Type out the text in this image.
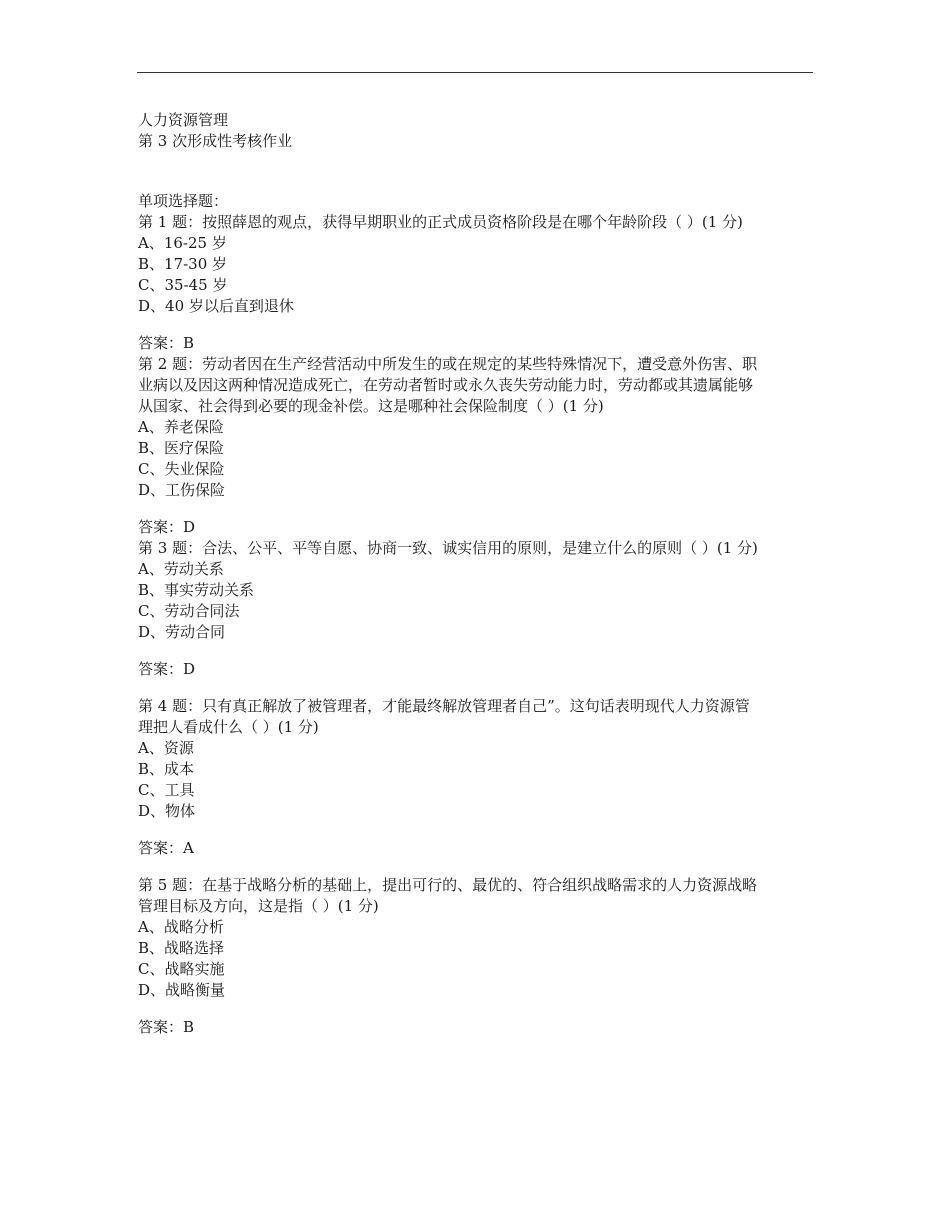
人力资源管理
第 3 次形成性考核作业
单项选择题：
第 1 题：按照薛恩的观点，获得早期职业的正式成员资格阶段是在哪个年龄阶段（ ）(1 分)
A、16-25 岁
B、17-30 岁
C、35-45 岁
D、40 岁以后直到退休
答案：B
第 2 题：劳动者因在生产经营活动中所发生的或在规定的某些特殊情况下，遭受意外伤害、职
业病以及因这两种情况造成死亡，在劳动者暂时或永久丧失劳动能力时，劳动都或其遗属能够
从国家、社会得到必要的现金补偿。这是哪种社会保险制度（ ）(1 分)
A、养老保险
B、医疗保险
C、失业保险
D、工伤保险
答案：D
第 3 题：合法、公平、平等自愿、协商一致、诚实信用的原则，是建立什么的原则（ ）(1 分)
A、劳动关系
B、事实劳动关系
C、劳动合同法
D、劳动合同
答案：D
第 4 题：只有真正解放了被管理者，才能最终解放管理者自己”。这句话表明现代人力资源管
理把人看成什么（ ）(1 分)
A、资源
B、成本
C、工具
D、物体
答案：A
第 5 题：在基于战略分析的基础上，提出可行的、最优的、符合组织战略需求的人力资源战略
管理目标及方向，这是指（ ）(1 分)
A、战略分析
B、战略选择
C、战略实施
D、战略衡量
答案：B
